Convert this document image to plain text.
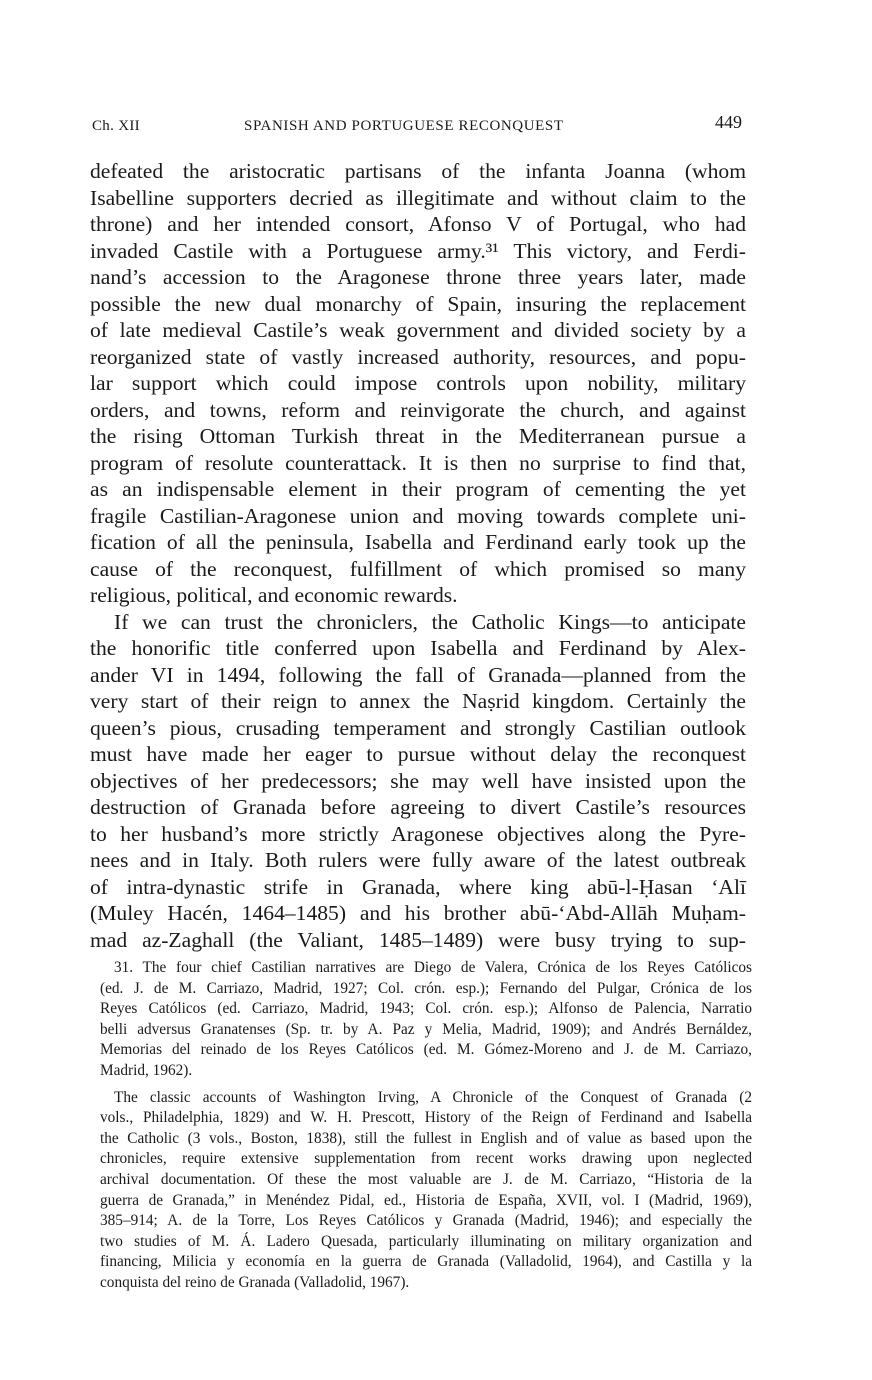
Ch. XII	SPANISH AND PORTUGUESE RECONQUEST	449
defeated the aristocratic partisans of the infanta Joanna (whom
Isabelline supporters decried as illegitimate and without claim to the
throne) and her intended consort, Afonso V of Portugal, who had
invaded Castile with a Portuguese army.³¹ This victory, and Ferdi-
nand’s accession to the Aragonese throne three years later, made
possible the new dual monarchy of Spain, insuring the replacement
of late medieval Castile’s weak government and divided society by a
reorganized state of vastly increased authority, resources, and popu-
lar support which could impose controls upon nobility, military
orders, and towns, reform and reinvigorate the church, and against
the rising Ottoman Turkish threat in the Mediterranean pursue a
program of resolute counterattack. It is then no surprise to find that,
as an indispensable element in their program of cementing the yet
fragile Castilian-Aragonese union and moving towards complete uni-
fication of all the peninsula, Isabella and Ferdinand early took up the
cause of the reconquest, fulfillment of which promised so many
religious, political, and economic rewards.
If we can trust the chroniclers, the Catholic Kings—to anticipate
the honorific title conferred upon Isabella and Ferdinand by Alex-
ander VI in 1494, following the fall of Granada—planned from the
very start of their reign to annex the Naṣrid kingdom. Certainly the
queen’s pious, crusading temperament and strongly Castilian outlook
must have made her eager to pursue without delay the reconquest
objectives of her predecessors; she may well have insisted upon the
destruction of Granada before agreeing to divert Castile’s resources
to her husband’s more strictly Aragonese objectives along the Pyre-
nees and in Italy. Both rulers were fully aware of the latest outbreak
of intra-dynastic strife in Granada, where king abū-l-Ḥasan ‘Alī
(Muley Hacén, 1464–1485) and his brother abū-‘Abd-Allāh Muḥam-
mad az-Zaghall (the Valiant, 1485–1489) were busy trying to sup-
31. The four chief Castilian narratives are Diego de Valera, Crónica de los Reyes Católicos
(ed. J. de M. Carriazo, Madrid, 1927; Col. crón. esp.); Fernando del Pulgar, Crónica de los
Reyes Católicos (ed. Carriazo, Madrid, 1943; Col. crón. esp.); Alfonso de Palencia, Narratio
belli adversus Granatenses (Sp. tr. by A. Paz y Melia, Madrid, 1909); and Andrés Bernáldez,
Memorias del reinado de los Reyes Católicos (ed. M. Gómez-Moreno and J. de M. Carriazo,
Madrid, 1962).
The classic accounts of Washington Irving, A Chronicle of the Conquest of Granada (2
vols., Philadelphia, 1829) and W. H. Prescott, History of the Reign of Ferdinand and Isabella
the Catholic (3 vols., Boston, 1838), still the fullest in English and of value as based upon the
chronicles, require extensive supplementation from recent works drawing upon neglected
archival documentation. Of these the most valuable are J. de M. Carriazo, “Historia de la
guerra de Granada,” in Menéndez Pidal, ed., Historia de España, XVII, vol. I (Madrid, 1969),
385–914; A. de la Torre, Los Reyes Católicos y Granada (Madrid, 1946); and especially the
two studies of M. Á. Ladero Quesada, particularly illuminating on military organization and
financing, Milicia y economía en la guerra de Granada (Valladolid, 1964), and Castilla y la
conquista del reino de Granada (Valladolid, 1967).
